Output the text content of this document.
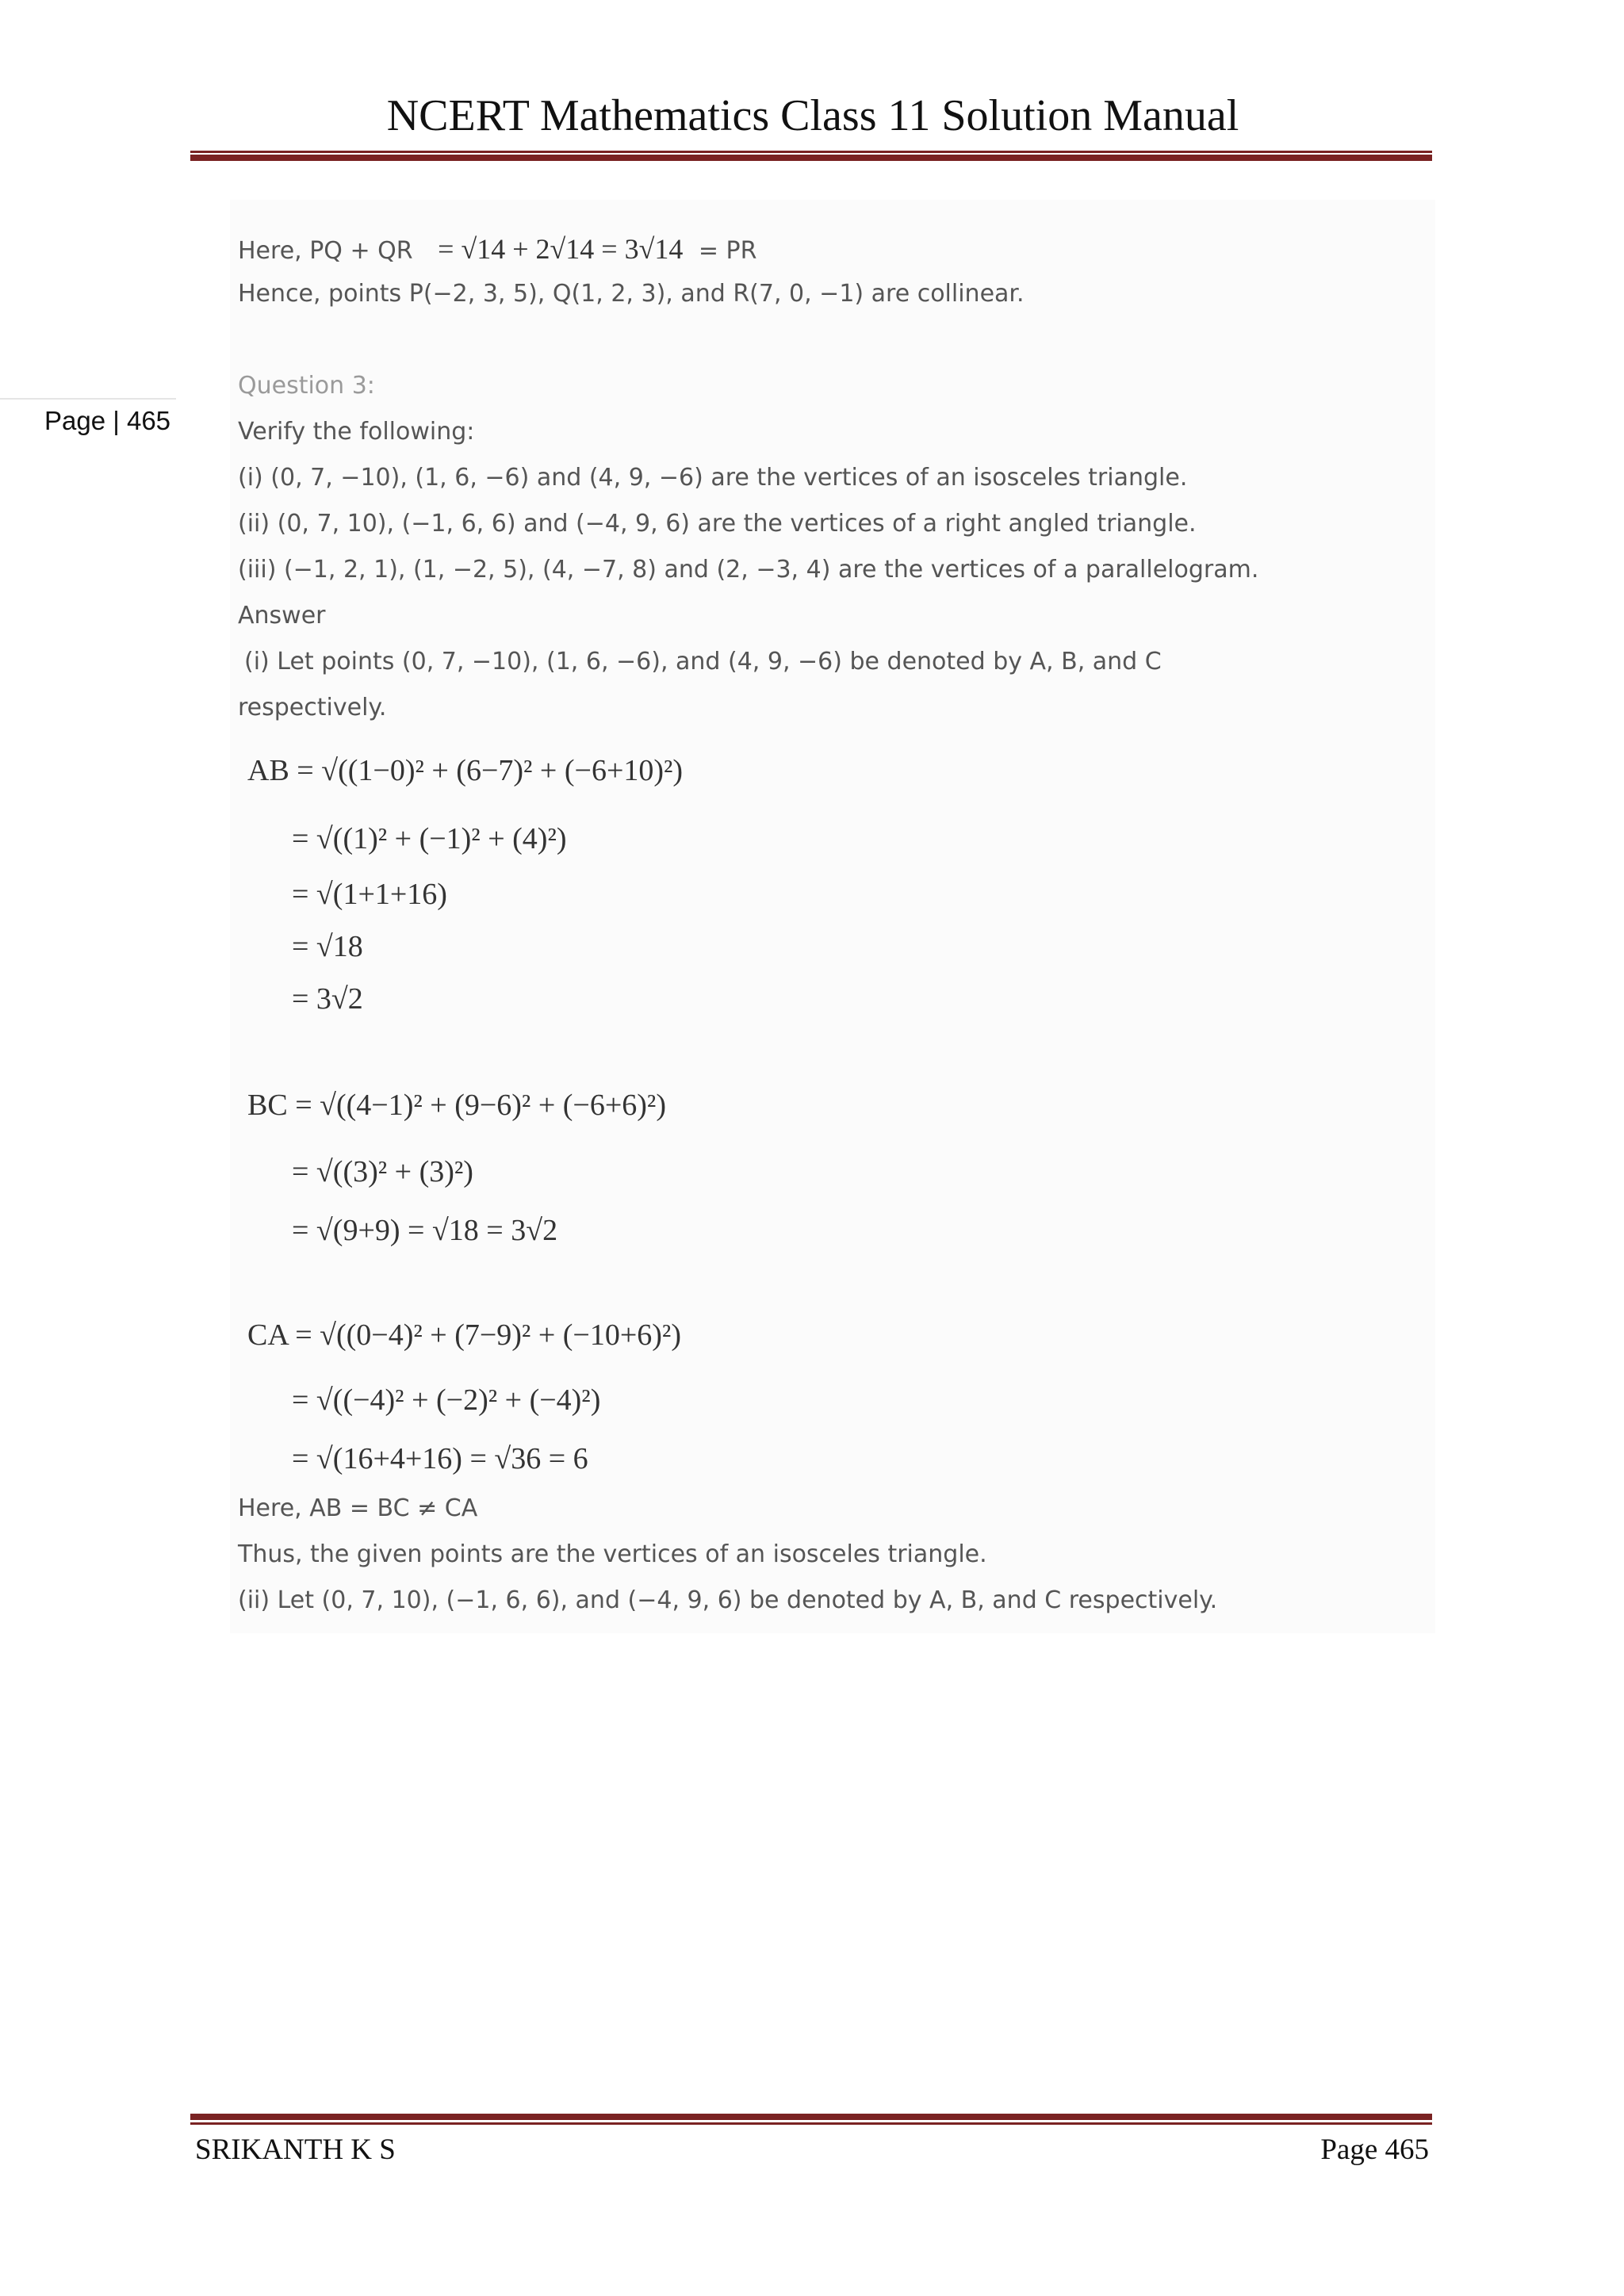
NCERT Mathematics Class 11 Solution Manual
Page | 465
Here, PQ + QR = √14 + 2√14 = 3√14 = PR
Hence, points P(−2, 3, 5), Q(1, 2, 3), and R(7, 0, −1) are collinear.
Question 3:
Verify the following:
(i) (0, 7, −10), (1, 6, −6) and (4, 9, −6) are the vertices of an isosceles triangle.
(ii) (0, 7, 10), (−1, 6, 6) and (−4, 9, 6) are the vertices of a right angled triangle.
(iii) (−1, 2, 1), (1, −2, 5), (4, −7, 8) and (2, −3, 4) are the vertices of a parallelogram.
Answer
(i) Let points (0, 7, −10), (1, 6, −6), and (4, 9, −6) be denoted by A, B, and C
respectively.
AB = √((1−0)² + (6−7)² + (−6+10)²)
= √((1)² + (−1)² + (4)²)
= √(1+1+16)
= √18
= 3√2
BC = √((4−1)² + (9−6)² + (−6+6)²)
= √((3)² + (3)²)
= √(9+9) = √18 = 3√2
CA = √((0−4)² + (7−9)² + (−10+6)²)
= √((−4)² + (−2)² + (−4)²)
= √(16+4+16) = √36 = 6
Here, AB = BC ≠ CA
Thus, the given points are the vertices of an isosceles triangle.
(ii) Let (0, 7, 10), (−1, 6, 6), and (−4, 9, 6) be denoted by A, B, and C respectively.
SRIKANTH K S	Page 465
